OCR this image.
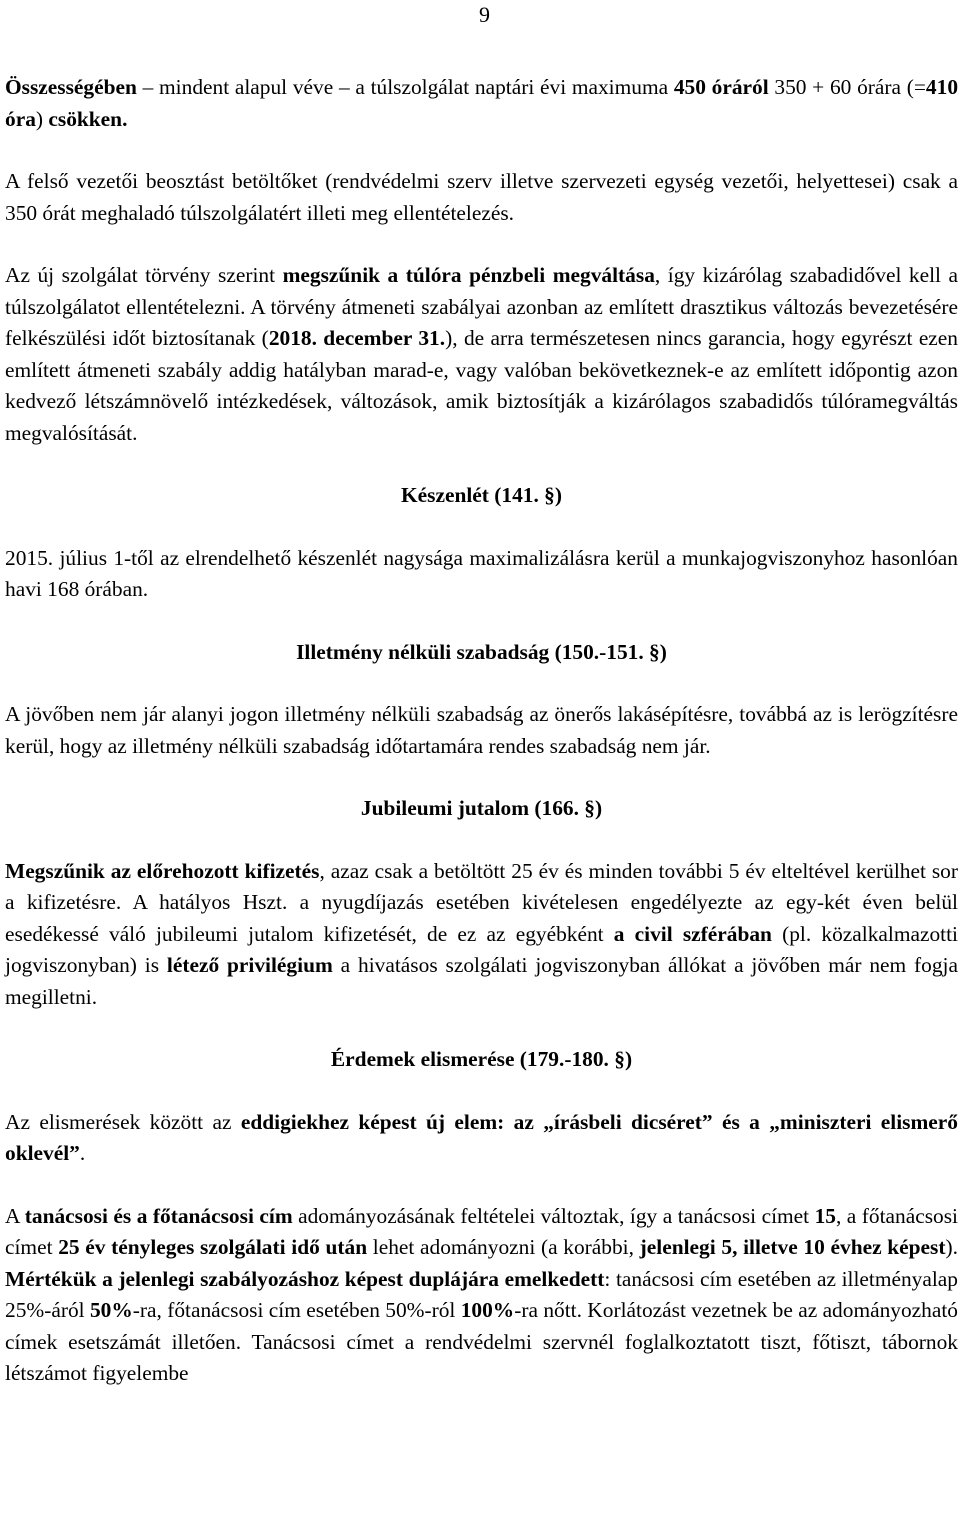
9

Összességében – mindent alapul véve – a túlszolgálat naptári évi maximuma 450 óráról 350 + 60 órára (=410 óra) csökken.

A felső vezetői beosztást betöltőket (rendvédelmi szerv illetve szervezeti egység vezetői, helyettesei) csak a 350 órát meghaladó túlszolgálatért illeti meg ellentételezés.

Az új szolgálat törvény szerint megszűnik a túlóra pénzbeli megváltása, így kizárólag szabadidővel kell a túlszolgálatot ellentételezni. A törvény átmeneti szabályai azonban az említett drasztikus változás bevezetésére felkészülési időt biztosítanak (2018. december 31.), de arra természetesen nincs garancia, hogy egyrészt ezen említett átmeneti szabály addig hatályban marad-e, vagy valóban bekövetkeznek-e az említett időpontig azon kedvező létszámnövelő intézkedések, változások, amik biztosítják a kizárólagos szabadidős túlóramegváltás megvalósítását.

Készenlét (141. §)

2015. július 1-től az elrendelhető készenlét nagysága maximalizálásra kerül a munkajogviszonyhoz hasonlóan havi 168 órában.

Illetmény nélküli szabadság (150.-151. §)

A jövőben nem jár alanyi jogon illetmény nélküli szabadság az önerős lakásépítésre, továbbá az is lerögzítésre kerül, hogy az illetmény nélküli szabadság időtartamára rendes szabadság nem jár.

Jubileumi jutalom (166. §)

Megszűnik az előrehozott kifizetés, azaz csak a betöltött 25 év és minden további 5 év elteltével kerülhet sor a kifizetésre. A hatályos Hszt. a nyugdíjazás esetében kivételesen engedélyezte az egy-két éven belül esedékessé váló jubileumi jutalom kifizetését, de ez az egyébként a civil szférában (pl. közalkalmazotti jogviszonyban) is létező privilégium a hivatásos szolgálati jogviszonyban állókat a jövőben már nem fogja megilletni.

Érdemek elismerése (179.-180. §)

Az elismerések között az eddigiekhez képest új elem: az „írásbeli dicséret” és a „miniszteri elismerő oklevél”.

A tanácsosi és a főtanácsosi cím adományozásának feltételei változtak, így a tanácsosi címet 15, a főtanácsosi címet 25 év tényleges szolgálati idő után lehet adományozni (a korábbi, jelenlegi 5, illetve 10 évhez képest). Mértékük a jelenlegi szabályozáshoz képest duplájára emelkedett: tanácsosi cím esetében az illetményalap 25%-áról 50%-ra, főtanácsosi cím esetében 50%-ról 100%-ra nőtt. Korlátozást vezetnek be az adományozható címek esetszámát illetően. Tanácsosi címet a rendvédelmi szervnél foglalkoztatott tiszt, főtiszt, tábornok létszámot figyelembe
